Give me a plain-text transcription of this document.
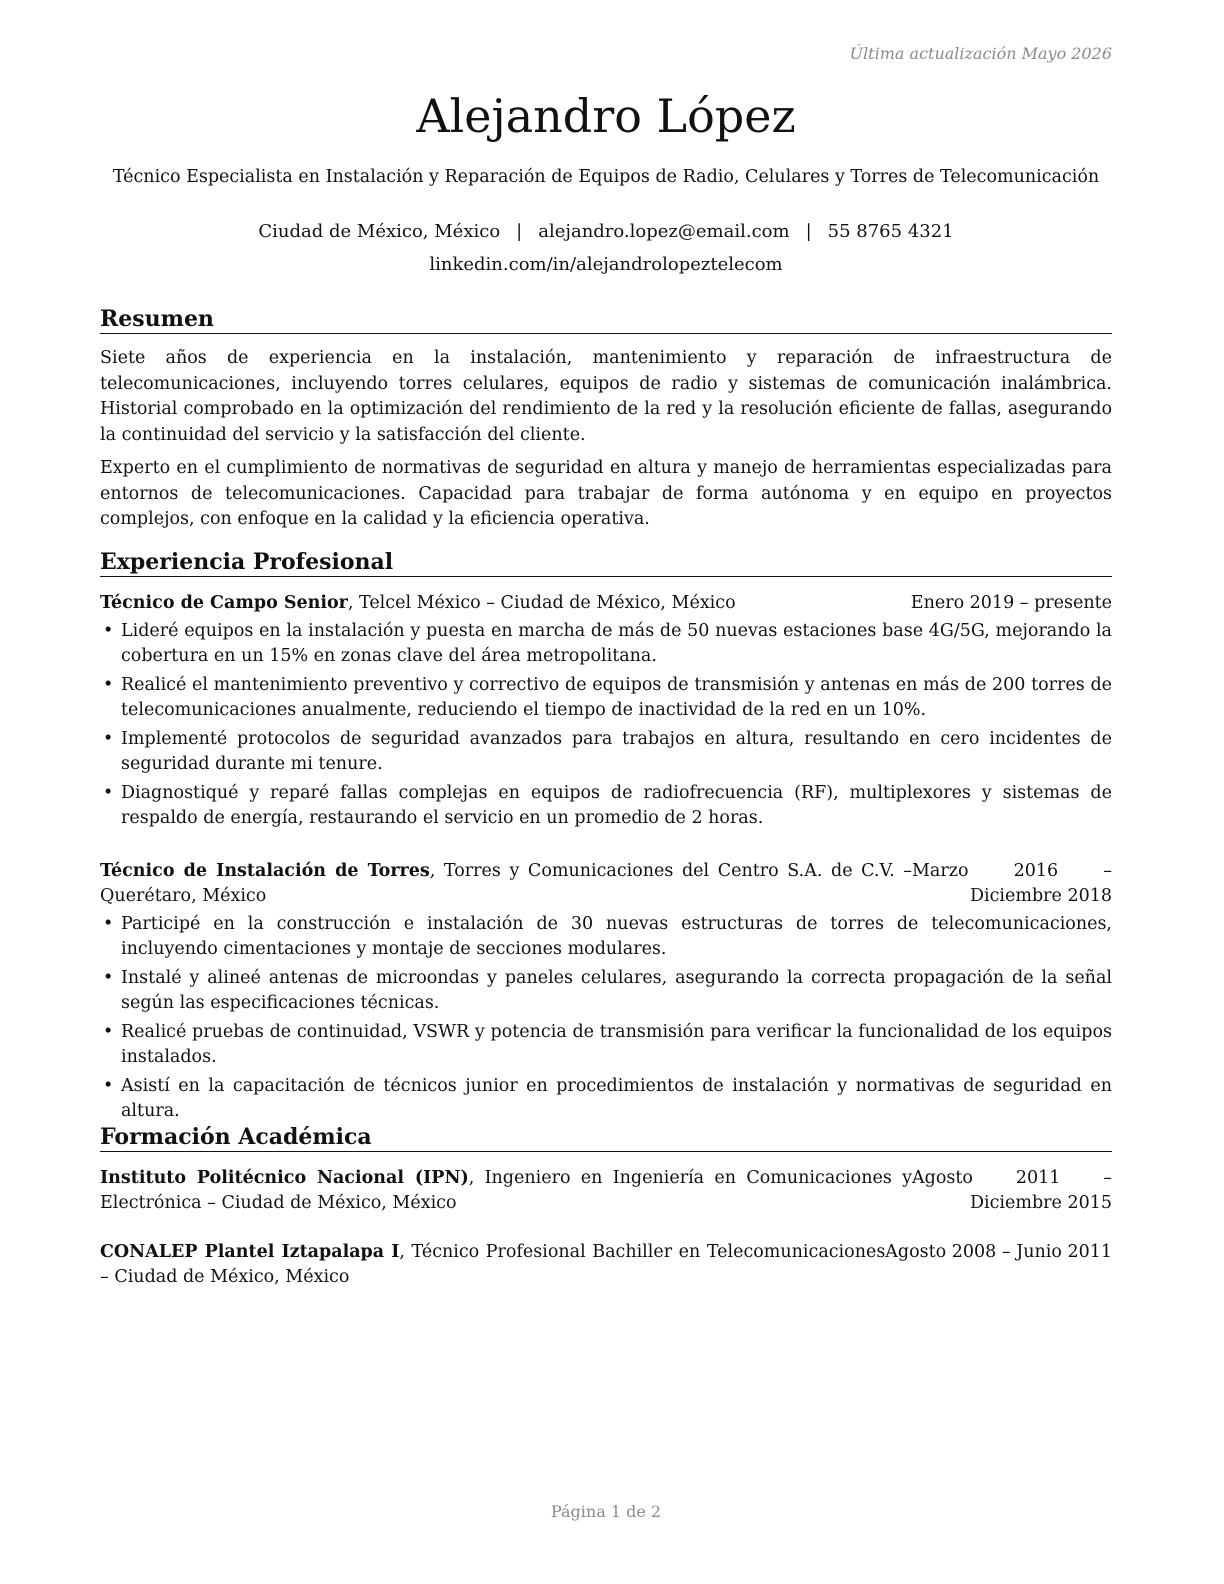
Última actualización Mayo 2026
Alejandro López
Técnico Especialista en Instalación y Reparación de Equipos de Radio, Celulares y Torres de Telecomunicación
Ciudad de México, México | alejandro.lopez@email.com | 55 8765 4321
linkedin.com/in/alejandrolopeztelecom
Resumen

Siete años de experiencia en la instalación, mantenimiento y reparación de infraestructura de telecomunicaciones, incluyendo torres celulares, equipos de radio y sistemas de comunicación inalámbrica. Historial comprobado en la optimización del rendimiento de la red y la resolución eficiente de fallas, asegurando la continuidad del servicio y la satisfacción del cliente.

Experto en el cumplimiento de normativas de seguridad en altura y manejo de herramientas especializadas para entornos de telecomunicaciones. Capacidad para trabajar de forma autónoma y en equipo en proyectos complejos, con enfoque en la calidad y la eficiencia operativa.

Experiencia Profesional
Técnico de Campo Senior, Telcel México – Ciudad de México, México	Enero 2019 – presente
• Lideré equipos en la instalación y puesta en marcha de más de 50 nuevas estaciones base 4G/5G, mejorando la cobertura en un 15% en zonas clave del área metropolitana.
• Realicé el mantenimiento preventivo y correctivo de equipos de transmisión y antenas en más de 200 torres de telecomunicaciones anualmente, reduciendo el tiempo de inactividad de la red en un 10%.
• Implementé protocolos de seguridad avanzados para trabajos en altura, resultando en cero incidentes de seguridad durante mi tenure.
• Diagnostiqué y reparé fallas complejas en equipos de radiofrecuencia (RF), multiplexores y sistemas de respaldo de energía, restaurando el servicio en un promedio de 2 horas.
Técnico de Instalación de Torres, Torres y Comunicaciones del Centro S.A. de C.V. – Querétaro, México
Marzo 2016 – Diciembre 2018
• Participé en la construcción e instalación de 30 nuevas estructuras de torres de telecomunicaciones, incluyendo cimentaciones y montaje de secciones modulares.
• Instalé y alineé antenas de microondas y paneles celulares, asegurando la correcta propagación de la señal según las especificaciones técnicas.
• Realicé pruebas de continuidad, VSWR y potencia de transmisión para verificar la funcionalidad de los equipos instalados.
• Asistí en la capacitación de técnicos junior en procedimientos de instalación y normativas de seguridad en altura.
Formación Académica
Instituto Politécnico Nacional (IPN), Ingeniero en Ingeniería en Comunicaciones y Electrónica – Ciudad de México, México
Agosto 2011 – Diciembre 2015
CONALEP Plantel Iztapalapa I, Técnico Profesional Bachiller en Telecomunicaciones – Ciudad de México, México
Agosto 2008 – Junio 2011
Página 1 de 2
